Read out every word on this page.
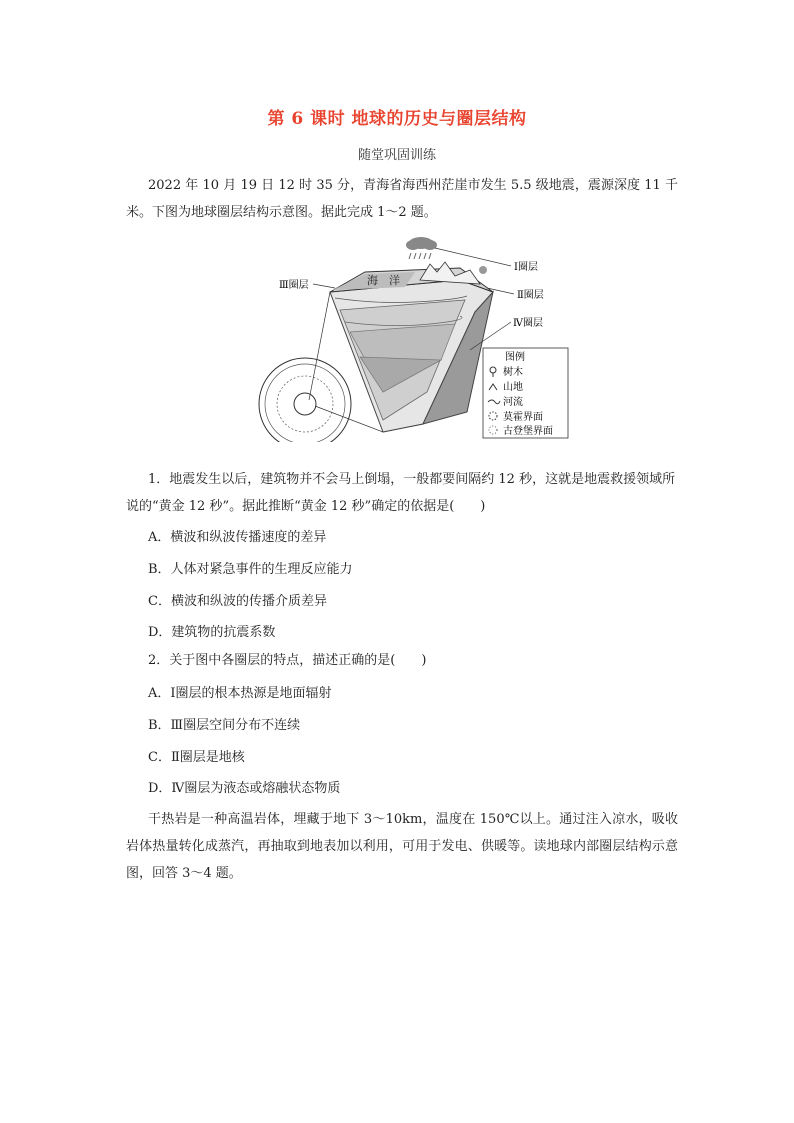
第 6 课时 地球的历史与圈层结构
随堂巩固训练

2022 年 10 月 19 日 12 时 35 分，青海省海西州茫崖市发生 5.5 级地震，震源深度 11 千米。下图为地球圈层结构示意图。据此完成 1～2 题。

海　洋
Ⅰ圈层
Ⅱ圈层
Ⅲ圈层
Ⅳ圈层
图例
树木
山地
河流
莫霍界面
古登堡界面

1．地震发生以后，建筑物并不会马上倒塌，一般都要间隔约 12 秒，这就是地震救援领域所说的“黄金 12 秒”。据此推断“黄金 12 秒”确定的依据是(　　)

A．横波和纵波传播速度的差异
B．人体对紧急事件的生理反应能力
C．横波和纵波的传播介质差异
D．建筑物的抗震系数

2．关于图中各圈层的特点，描述正确的是(　　)

A．Ⅰ圈层的根本热源是地面辐射
B．Ⅲ圈层空间分布不连续
C．Ⅱ圈层是地核
D．Ⅳ圈层为液态或熔融状态物质

干热岩是一种高温岩体，埋藏于地下 3～10km，温度在 150℃以上。通过注入凉水，吸收岩体热量转化成蒸汽，再抽取到地表加以利用，可用于发电、供暖等。读地球内部圈层结构示意图，回答 3～4 题。
